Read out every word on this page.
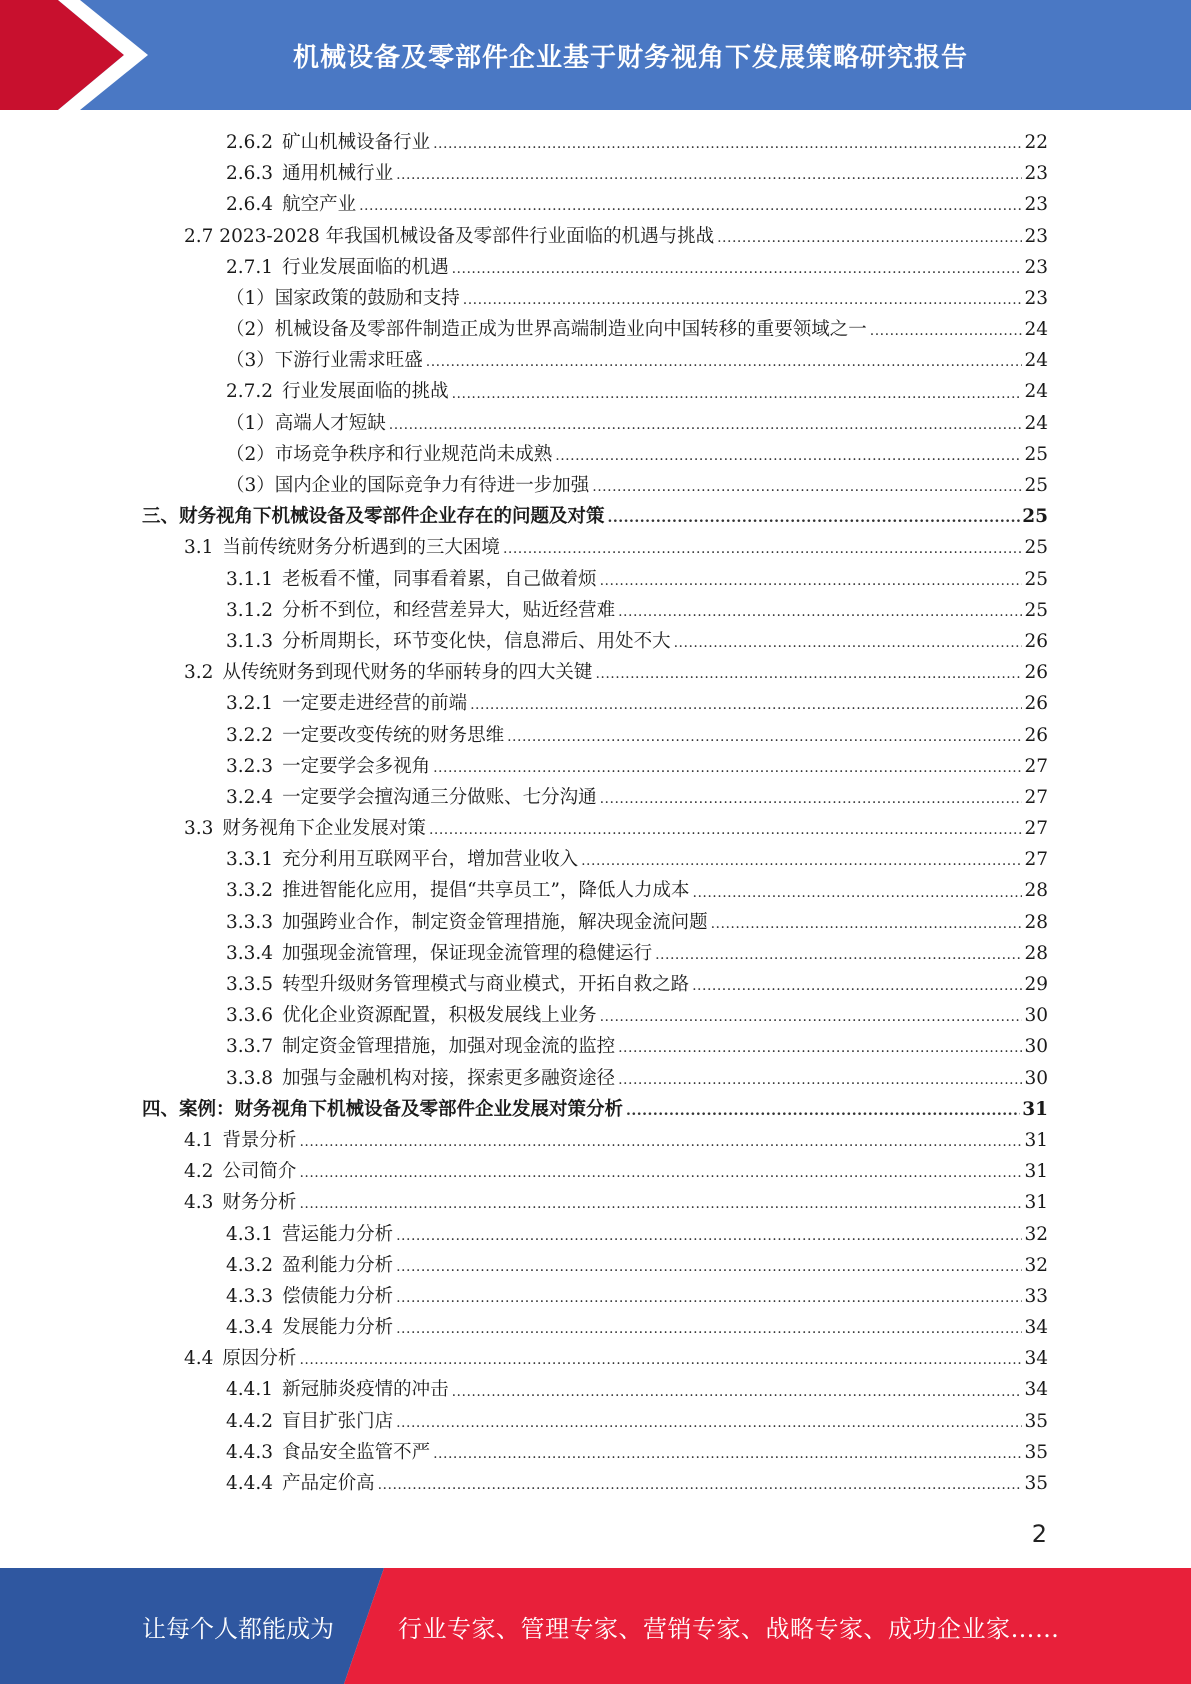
机械设备及零部件企业基于财务视角下发展策略研究报告
2.6.2 矿山机械设备行业 .....	22
2.6.3 通用机械行业 .....	23
2.6.4 航空产业 .....	23
2.7 2023-2028 年我国机械设备及零部件行业面临的机遇与挑战 .....	23
2.7.1 行业发展面临的机遇 .....	23
（1）国家政策的鼓励和支持 .....	23
（2）机械设备及零部件制造正成为世界高端制造业向中国转移的重要领域之一 .....	24
（3）下游行业需求旺盛 .....	24
2.7.2 行业发展面临的挑战 .....	24
（1）高端人才短缺 .....	24
（2）市场竞争秩序和行业规范尚未成熟 .....	25
（3）国内企业的国际竞争力有待进一步加强 .....	25
三、财务视角下机械设备及零部件企业存在的问题及对策 .....	25
3.1 当前传统财务分析遇到的三大困境 .....	25
3.1.1 老板看不懂，同事看着累，自己做着烦 .....	25
3.1.2 分析不到位，和经营差异大，贴近经营难 .....	25
3.1.3 分析周期长，环节变化快，信息滞后、用处不大 .....	26
3.2 从传统财务到现代财务的华丽转身的四大关键 .....	26
3.2.1 一定要走进经营的前端 .....	26
3.2.2 一定要改变传统的财务思维 .....	26
3.2.3 一定要学会多视角 .....	27
3.2.4 一定要学会擅沟通三分做账、七分沟通 .....	27
3.3 财务视角下企业发展对策 .....	27
3.3.1 充分利用互联网平台，增加营业收入 .....	27
3.3.2 推进智能化应用，提倡“共享员工”，降低人力成本 .....	28
3.3.3 加强跨业合作，制定资金管理措施，解决现金流问题 .....	28
3.3.4 加强现金流管理，保证现金流管理的稳健运行 .....	28
3.3.5 转型升级财务管理模式与商业模式，开拓自救之路 .....	29
3.3.6 优化企业资源配置，积极发展线上业务 .....	30
3.3.7 制定资金管理措施，加强对现金流的监控 .....	30
3.3.8 加强与金融机构对接，探索更多融资途径 .....	30
四、案例：财务视角下机械设备及零部件企业发展对策分析 .....	31
4.1 背景分析 .....	31
4.2 公司简介 .....	31
4.3 财务分析 .....	31
4.3.1 营运能力分析 .....	32
4.3.2 盈利能力分析 .....	32
4.3.3 偿债能力分析 .....	33
4.3.4 发展能力分析 .....	34
4.4 原因分析 .....	34
4.4.1 新冠肺炎疫情的冲击 .....	34
4.4.2 盲目扩张门店 .....	35
4.4.3 食品安全监管不严 .....	35
4.4.4 产品定价高 .....	35
2
让每个人都能成为	行业专家、管理专家、营销专家、战略专家、成功企业家……
